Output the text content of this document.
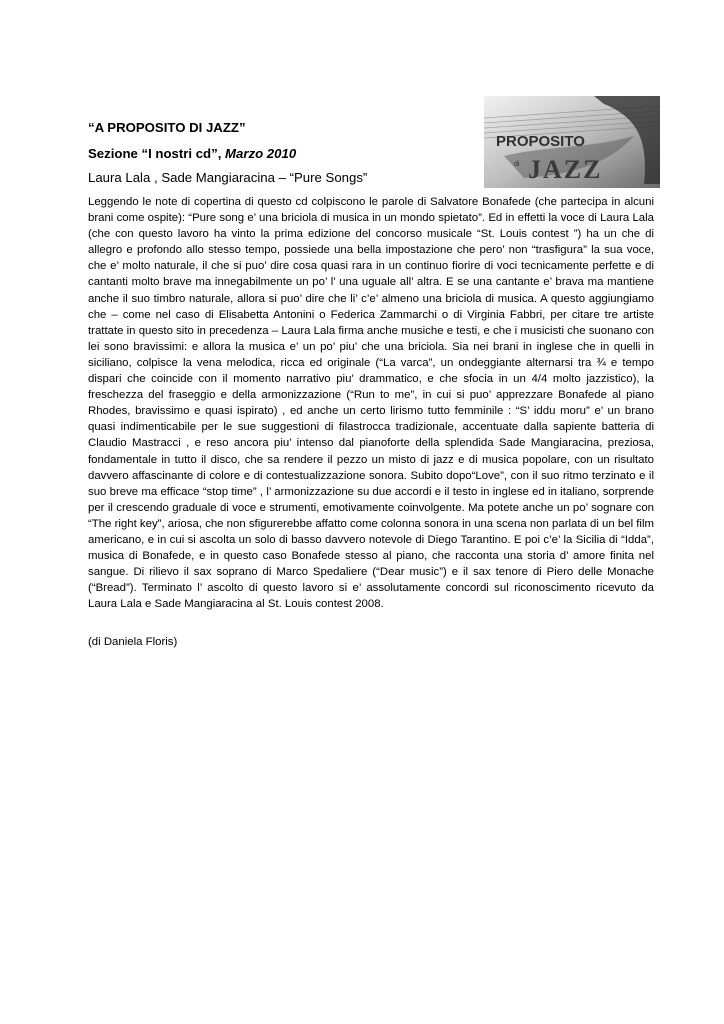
“A PROPOSITO DI JAZZ”
Sezione “I nostri cd”, Marzo 2010
Laura Lala , Sade Mangiaracina – “Pure Songs”
PROPOSITO
di JAZZ

Leggendo le note di copertina di questo cd colpiscono le parole di Salvatore Bonafede (che partecipa in alcuni brani come ospite): “Pure song e’ una briciola di musica in un mondo spietato”. Ed in effetti la voce di Laura Lala (che con questo lavoro ha vinto la prima edizione del concorso musicale “St. Louis contest ”) ha un che di allegro e profondo allo stesso tempo, possiede una bella impostazione che pero’ non “trasfigura” la sua voce, che e’ molto naturale, il che si puo’ dire cosa quasi rara in un continuo fiorire di voci tecnicamente perfette e di cantanti molto brave ma innegabilmente un po’ l’ una uguale all’ altra. E se una cantante e’ brava ma mantiene anche il suo timbro naturale, allora si puo’ dire che li’ c’e’ almeno una briciola di musica. A questo aggiungiamo che – come nel caso di Elisabetta Antonini o Federica Zammarchi o di Virginia Fabbri, per citare tre artiste trattate in questo sito in precedenza – Laura Lala firma anche musiche e testi, e che i musicisti che suonano con lei sono bravissimi: e allora la musica e’ un po’ piu’ che una briciola. Sia nei brani in inglese che in quelli in siciliano, colpisce la vena melodica, ricca ed originale (“La varca”, un ondeggiante alternarsi tra ¾ e tempo dispari che coincide con il momento narrativo piu’ drammatico, e che sfocia in un 4/4 molto jazzistico), la freschezza del fraseggio e della armonizzazione (“Run to me”, in cui si puo’ apprezzare Bonafede al piano Rhodes, bravissimo e quasi ispirato) , ed anche un certo lirismo tutto femminile : “S’ iddu moru” e’ un brano quasi indimenticabile per le sue suggestioni di filastrocca tradizionale, accentuate dalla sapiente batteria di Claudio Mastracci , e reso ancora piu’ intenso dal pianoforte della splendida Sade Mangiaracina, preziosa, fondamentale in tutto il disco, che sa rendere il pezzo un misto di jazz e di musica popolare, con un risultato davvero affascinante di colore e di contestualizzazione sonora. Subito dopo“Love”, con il suo ritmo terzinato e il suo breve ma efficace “stop time” , l’ armonizzazione su due accordi e il testo in inglese ed in italiano, sorprende per il crescendo graduale di voce e strumenti, emotivamente coinvolgente. Ma potete anche un po’ sognare con “The right key”, ariosa, che non sfigurerebbe affatto come colonna sonora in una scena non parlata di un bel film americano, e in cui si ascolta un solo di basso davvero notevole di Diego Tarantino. E poi c’e’ la Sicilia di “Idda”, musica di Bonafede, e in questo caso Bonafede stesso al piano, che racconta una storia d’ amore finita nel sangue. Di rilievo il sax soprano di Marco Spedaliere (“Dear music”) e il sax tenore di Piero delle Monache (“Bread”). Terminato l’ ascolto di questo lavoro si e’ assolutamente concordi sul riconoscimento ricevuto da Laura Lala e Sade Mangiaracina al St. Louis contest 2008.

(di Daniela Floris)
